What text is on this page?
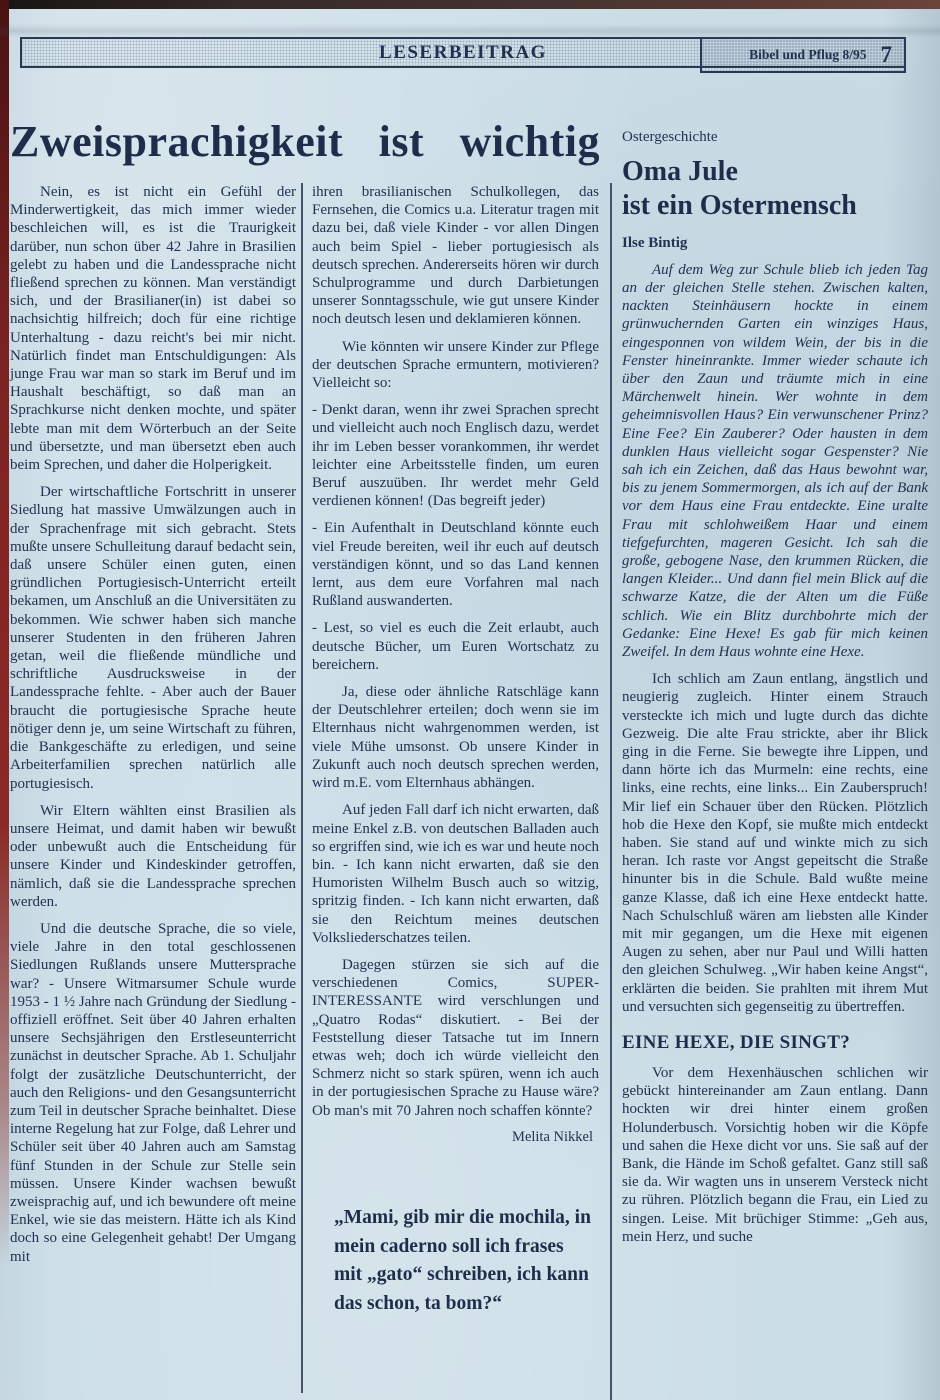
LESERBEITRAG	Bibel und Pflug 8/95 7
Zweisprachigkeit ist wichtig

Nein, es ist nicht ein Gefühl der Minderwertigkeit, das mich immer wieder beschleichen will, es ist die Traurigkeit darüber, nun schon über 42 Jahre in Brasilien gelebt zu haben und die Landessprache nicht fließend sprechen zu können. Man verständigt sich, und der Brasilianer(in) ist dabei so nachsichtig hilfreich; doch für eine richtige Unterhaltung - dazu reicht's bei mir nicht. Natürlich findet man Entschuldigungen: Als junge Frau war man so stark im Beruf und im Haushalt beschäftigt, so daß man an Sprachkurse nicht denken mochte, und später lebte man mit dem Wörterbuch an der Seite und übersetzte, und man übersetzt eben auch beim Sprechen, und daher die Holperigkeit.

Der wirtschaftliche Fortschritt in unserer Siedlung hat massive Umwälzungen auch in der Sprachenfrage mit sich gebracht. Stets mußte unsere Schulleitung darauf bedacht sein, daß unsere Schüler einen guten, einen gründlichen Portugiesisch-Unterricht erteilt bekamen, um Anschluß an die Universitäten zu bekommen. Wie schwer haben sich manche unserer Studenten in den früheren Jahren getan, weil die fließende mündliche und schriftliche Ausdrucksweise in der Landessprache fehlte. - Aber auch der Bauer braucht die portugiesische Sprache heute nötiger denn je, um seine Wirtschaft zu führen, die Bankgeschäfte zu erledigen, und seine Arbeiterfamilien sprechen natürlich alle portugiesisch.

Wir Eltern wählten einst Brasilien als unsere Heimat, und damit haben wir bewußt oder unbewußt auch die Entscheidung für unsere Kinder und Kindeskinder getroffen, nämlich, daß sie die Landessprache sprechen werden.

Und die deutsche Sprache, die so viele, viele Jahre in den total geschlossenen Siedlungen Rußlands unsere Muttersprache war? - Unsere Witmarsumer Schule wurde 1953 - 1 ½ Jahre nach Gründung der Siedlung - offiziell eröffnet. Seit über 40 Jahren erhalten unsere Sechsjährigen den Erstleseunterricht zunächst in deutscher Sprache. Ab 1. Schuljahr folgt der zusätzliche Deutschunterricht, der auch den Religions- und den Gesangsunterricht zum Teil in deutscher Sprache beinhaltet. Diese interne Regelung hat zur Folge, daß Lehrer und Schüler seit über 40 Jahren auch am Samstag fünf Stunden in der Schule zur Stelle sein müssen. Unsere Kinder wachsen bewußt zweisprachig auf, und ich bewundere oft meine Enkel, wie sie das meistern. Hätte ich als Kind doch so eine Gelegenheit gehabt! Der Umgang mit

ihren brasilianischen Schulkollegen, das Fernsehen, die Comics u.a. Literatur tragen mit dazu bei, daß viele Kinder - vor allen Dingen auch beim Spiel - lieber portugiesisch als deutsch sprechen. Andererseits hören wir durch Schulprogramme und durch Darbietungen unserer Sonntagsschule, wie gut unsere Kinder noch deutsch lesen und deklamieren können.

Wie könnten wir unsere Kinder zur Pflege der deutschen Sprache ermuntern, motivieren? Vielleicht so:

- Denkt daran, wenn ihr zwei Sprachen sprecht und vielleicht auch noch Englisch dazu, werdet ihr im Leben besser vorankommen, ihr werdet leichter eine Arbeitsstelle finden, um euren Beruf auszuüben. Ihr werdet mehr Geld verdienen können! (Das begreift jeder)

- Ein Aufenthalt in Deutschland könnte euch viel Freude bereiten, weil ihr euch auf deutsch verständigen könnt, und so das Land kennen lernt, aus dem eure Vorfahren mal nach Rußland auswanderten.

- Lest, so viel es euch die Zeit erlaubt, auch deutsche Bücher, um Euren Wortschatz zu bereichern.

Ja, diese oder ähnliche Ratschläge kann der Deutschlehrer erteilen; doch wenn sie im Elternhaus nicht wahrgenommen werden, ist viele Mühe umsonst. Ob unsere Kinder in Zukunft auch noch deutsch sprechen werden, wird m.E. vom Elternhaus abhängen.

Auf jeden Fall darf ich nicht erwarten, daß meine Enkel z.B. von deutschen Balladen auch so ergriffen sind, wie ich es war und heute noch bin. - Ich kann nicht erwarten, daß sie den Humoristen Wilhelm Busch auch so witzig, spritzig finden. - Ich kann nicht erwarten, daß sie den Reichtum meines deutschen Volksliederschatzes teilen.

Dagegen stürzen sie sich auf die verschiedenen Comics, SUPER-INTERESSANTE wird verschlungen und „Quatro Rodas“ diskutiert. - Bei der Feststellung dieser Tatsache tut im Innern etwas weh; doch ich würde vielleicht den Schmerz nicht so stark spüren, wenn ich auch in der portugiesischen Sprache zu Hause wäre? Ob man's mit 70 Jahren noch schaffen könnte?

Melita Nikkel
„Mami, gib mir die mochila, in mein caderno soll ich frases mit „gato“ schreiben, ich kann das schon, ta bom?“

Ostergeschichte

Oma Jule
ist ein Ostermensch

Ilse Bintig

Auf dem Weg zur Schule blieb ich jeden Tag an der gleichen Stelle stehen. Zwischen kalten, nackten Steinhäusern hockte in einem grünwuchernden Garten ein winziges Haus, eingesponnen von wildem Wein, der bis in die Fenster hineinrankte. Immer wieder schaute ich über den Zaun und träumte mich in eine Märchenwelt hinein. Wer wohnte in dem geheimnisvollen Haus? Ein verwunschener Prinz? Eine Fee? Ein Zauberer? Oder hausten in dem dunklen Haus vielleicht sogar Gespenster? Nie sah ich ein Zeichen, daß das Haus bewohnt war, bis zu jenem Sommermorgen, als ich auf der Bank vor dem Haus eine Frau entdeckte. Eine uralte Frau mit schlohweißem Haar und einem tiefgefurchten, mageren Gesicht. Ich sah die große, gebogene Nase, den krummen Rücken, die langen Kleider... Und dann fiel mein Blick auf die schwarze Katze, die der Alten um die Füße schlich. Wie ein Blitz durchbohrte mich der Gedanke: Eine Hexe! Es gab für mich keinen Zweifel. In dem Haus wohnte eine Hexe.

Ich schlich am Zaun entlang, ängstlich und neugierig zugleich. Hinter einem Strauch versteckte ich mich und lugte durch das dichte Gezweig. Die alte Frau strickte, aber ihr Blick ging in die Ferne. Sie bewegte ihre Lippen, und dann hörte ich das Murmeln: eine rechts, eine links, eine rechts, eine links... Ein Zauberspruch! Mir lief ein Schauer über den Rücken. Plötzlich hob die Hexe den Kopf, sie mußte mich entdeckt haben. Sie stand auf und winkte mich zu sich heran. Ich raste vor Angst gepeitscht die Straße hinunter bis in die Schule. Bald wußte meine ganze Klasse, daß ich eine Hexe entdeckt hatte. Nach Schulschluß wären am liebsten alle Kinder mit mir gegangen, um die Hexe mit eigenen Augen zu sehen, aber nur Paul und Willi hatten den gleichen Schulweg. „Wir haben keine Angst“, erklärten die beiden. Sie prahlten mit ihrem Mut und versuchten sich gegenseitig zu übertreffen.

EINE HEXE, DIE SINGT?

Vor dem Hexenhäuschen schlichen wir gebückt hintereinander am Zaun entlang. Dann hockten wir drei hinter einem großen Holunderbusch. Vorsichtig hoben wir die Köpfe und sahen die Hexe dicht vor uns. Sie saß auf der Bank, die Hände im Schoß gefaltet. Ganz still saß sie da. Wir wagten uns in unserem Versteck nicht zu rühren. Plötzlich begann die Frau, ein Lied zu singen. Leise. Mit brüchiger Stimme: „Geh aus, mein Herz, und suche
